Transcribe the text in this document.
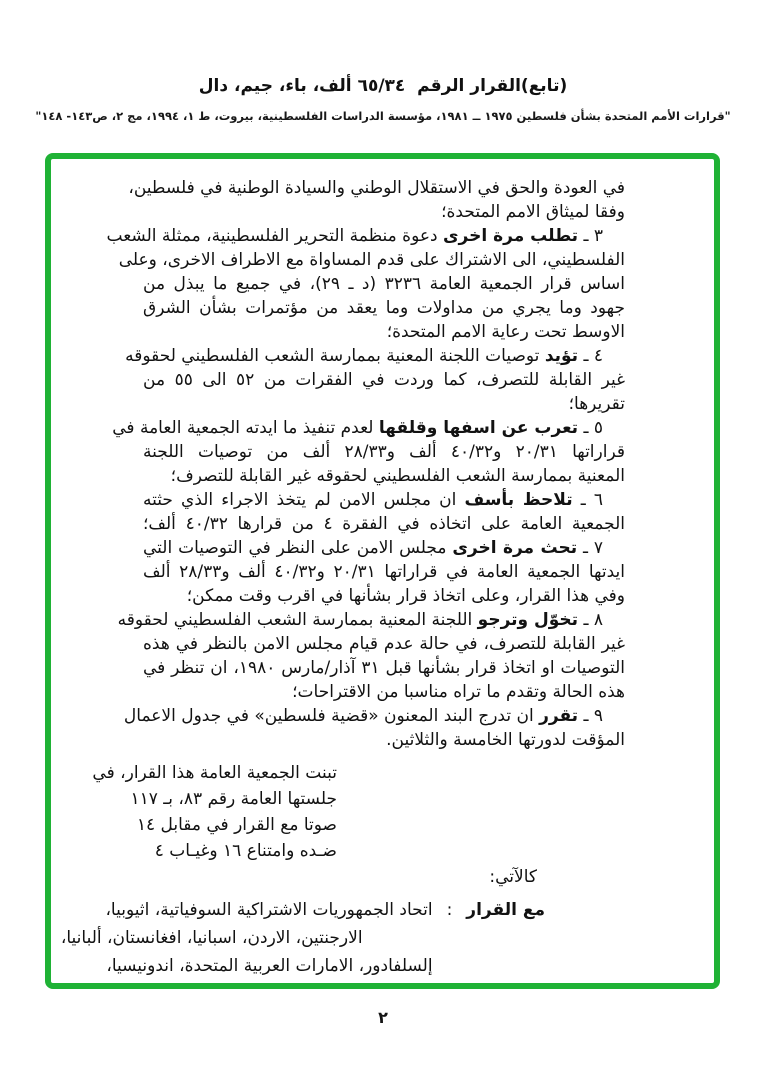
(تابع)القرار الرقم  ٦٥/٣٤ ألف، باء، جيم، دال
"قرارات الأمم المتحدة بشأن فلسطين ١٩٧٥ ــ ١٩٨١، مؤسسة الدراسات الفلسطينية، بيروت، ط ١، ١٩٩٤، مج ٢، ص١٤٣- ١٤٨"
في العودة والحق في الاستقلال الوطني والسيادة الوطنية في فلسطين،
وفقا لميثاق الامم المتحدة؛
٣ ـ تطلب مرة اخرى دعوة منظمة التحرير الفلسطينية، ممثلة الشعب
الفلسطيني، الى الاشتراك على قدم المساواة مع الاطراف الاخرى، وعلى
اساس قرار الجمعية العامة ٣٢٣٦ (د ـ ٢٩)، في جميع ما يبذل من
جهود وما يجري من مداولات وما يعقد من مؤتمرات بشأن الشرق
الاوسط تحت رعاية الامم المتحدة؛
٤ ـ تؤيد توصيات اللجنة المعنية بممارسة الشعب الفلسطيني لحقوقه
غير القابلة للتصرف، كما وردت في الفقرات من ٥٢ الى ٥٥ من
تقريرها؛
٥ ـ تعرب عن اسفها وقلقها لعدم تنفيذ ما ايدته الجمعية العامة في
قراراتها ٢٠/٣١ و٤٠/٣٢ ألف و٢٨/٣٣ ألف من توصيات اللجنة
المعنية بممارسة الشعب الفلسطيني لحقوقه غير القابلة للتصرف؛
٦ ـ تلاحظ بأسف ان مجلس الامن لم يتخذ الاجراء الذي حثته
الجمعية العامة على اتخاذه في الفقرة ٤ من قرارها ٤٠/٣٢ ألف؛
٧ ـ تحث مرة اخرى مجلس الامن على النظر في التوصيات التي
ايدتها الجمعية العامة في قراراتها ٢٠/٣١ و٤٠/٣٢ ألف و٢٨/٣٣ ألف
وفي هذا القرار، وعلى اتخاذ قرار بشأنها في اقرب وقت ممكن؛
٨ ـ تخوّل وترجو اللجنة المعنية بممارسة الشعب الفلسطيني لحقوقه
غير القابلة للتصرف، في حالة عدم قيام مجلس الامن بالنظر في هذه
التوصيات او اتخاذ قرار بشأنها قبل ٣١ آذار/مارس ١٩٨٠، ان تنظر في
هذه الحالة وتقدم ما تراه مناسبا من الاقتراحات؛
٩ ـ تقرر ان تدرج البند المعنون «قضية فلسطين» في جدول الاعمال
المؤقت لدورتها الخامسة والثلاثين.
تبنت الجمعية العامة هذا القرار، في
جلستها العامة رقم ٨٣، بـ ١١٧
صوتا مع القرار في مقابل ١٤
ضـده وامتناع ١٦ وغيـاب ٤
كالآتي:
مع القرار
:
اتحاد الجمهوريات الاشتراكية السوفياتية، اثيوبيا،
الارجنتين، الاردن، اسبانيا، افغانستان، ألبانيا،
إلسلفادور، الامارات العربية المتحدة، اندونيسيا،
٢
